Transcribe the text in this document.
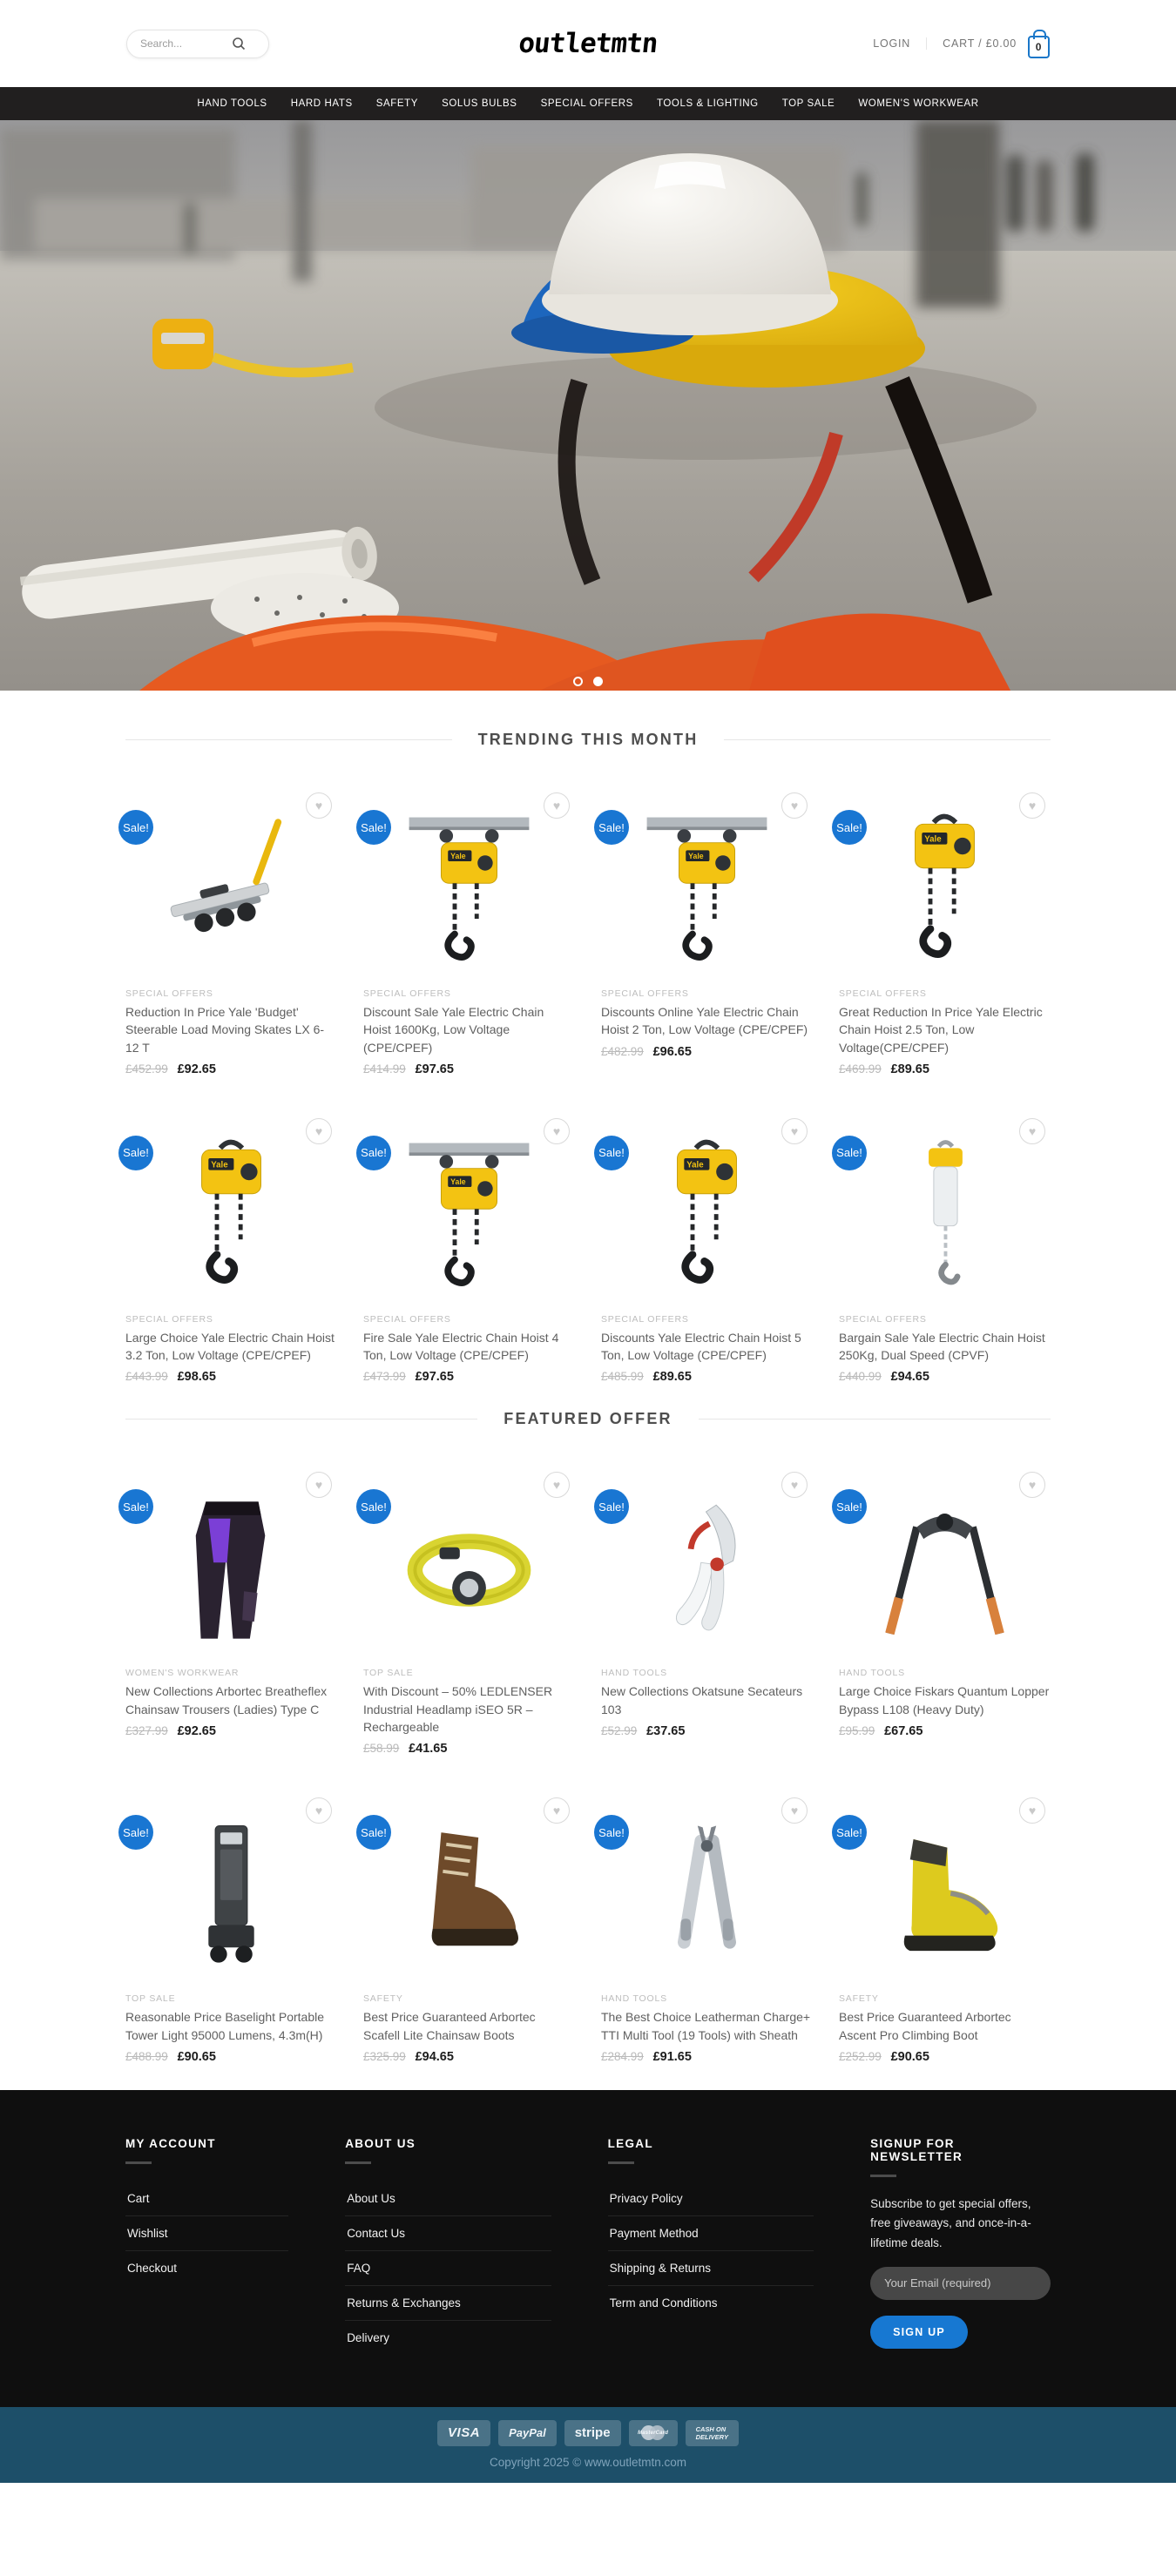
Search...
outletmtn	LOGIN	CART / £0.00 0
HAND TOOLS HARD HATS SAFETY SOLUS BULBS SPECIAL OFFERS TOOLS & LIGHTING TOP SALE WOMEN'S WORKWEAR
TRENDING THIS MONTH
Sale!
♥
SPECIAL OFFERS
Reduction In Price Yale 'Budget' Steerable Load Moving Skates LX 6-12 T
£452.99 £92.65
Sale!
♥
Yale
SPECIAL OFFERS
Discount Sale Yale Electric Chain Hoist 1600Kg, Low Voltage (CPE/CPEF)
£414.99 £97.65
Sale!
♥
Yale
SPECIAL OFFERS
Discounts Online Yale Electric Chain Hoist 2 Ton, Low Voltage (CPE/CPEF)
£482.99 £96.65
Sale!
♥
Yale
SPECIAL OFFERS
Great Reduction In Price Yale Electric Chain Hoist 2.5 Ton, Low Voltage(CPE/CPEF)
£469.99 £89.65
Sale!
♥
Yale
SPECIAL OFFERS
Large Choice Yale Electric Chain Hoist 3.2 Ton, Low Voltage (CPE/CPEF)
£443.99 £98.65
Sale!
♥
Yale
SPECIAL OFFERS
Fire Sale Yale Electric Chain Hoist 4 Ton, Low Voltage (CPE/CPEF)
£473.99 £97.65
Sale!
♥
Yale
SPECIAL OFFERS
Discounts Yale Electric Chain Hoist 5 Ton, Low Voltage (CPE/CPEF)
£485.99 £89.65
Sale!
♥
SPECIAL OFFERS
Bargain Sale Yale Electric Chain Hoist 250Kg, Dual Speed (CPVF)
£440.99 £94.65
FEATURED OFFER
Sale!
♥
WOMEN'S WORKWEAR
New Collections Arbortec Breatheflex Chainsaw Trousers (Ladies) Type C
£327.99 £92.65
Sale!
♥
TOP SALE
With Discount – 50% LEDLENSER Industrial Headlamp iSEO 5R – Rechargeable
£58.99 £41.65
Sale!
♥
HAND TOOLS
New Collections Okatsune Secateurs 103
£52.99 £37.65
Sale!
♥
HAND TOOLS
Large Choice Fiskars Quantum Lopper Bypass L108 (Heavy Duty)
£95.99 £67.65
Sale!
♥
TOP SALE
Reasonable Price Baselight Portable Tower Light 95000 Lumens, 4.3m(H)
£488.99 £90.65
Sale!
♥
SAFETY
Best Price Guaranteed Arbortec Scafell Lite Chainsaw Boots
£325.99 £94.65
Sale!
♥
HAND TOOLS
The Best Choice Leatherman Charge+ TTI Multi Tool (19 Tools) with Sheath
£284.99 £91.65
Sale!
♥
SAFETY
Best Price Guaranteed Arbortec Ascent Pro Climbing Boot
£252.99 £90.65
MY ACCOUNT
Cart
Wishlist
Checkout
ABOUT US
About Us
Contact Us
FAQ
Returns & Exchanges
Delivery
LEGAL
Privacy Policy
Payment Method
Shipping & Returns
Term and Conditions
SIGNUP FOR NEWSLETTER

Subscribe to get special offers, free giveaways, and once-in-a-lifetime deals.

Your Email (required) SIGN UP
VISA	PayPal	stripe	MasterCard	CASH ON
DELIVERY
Copyright 2025 © www.outletmtn.com
